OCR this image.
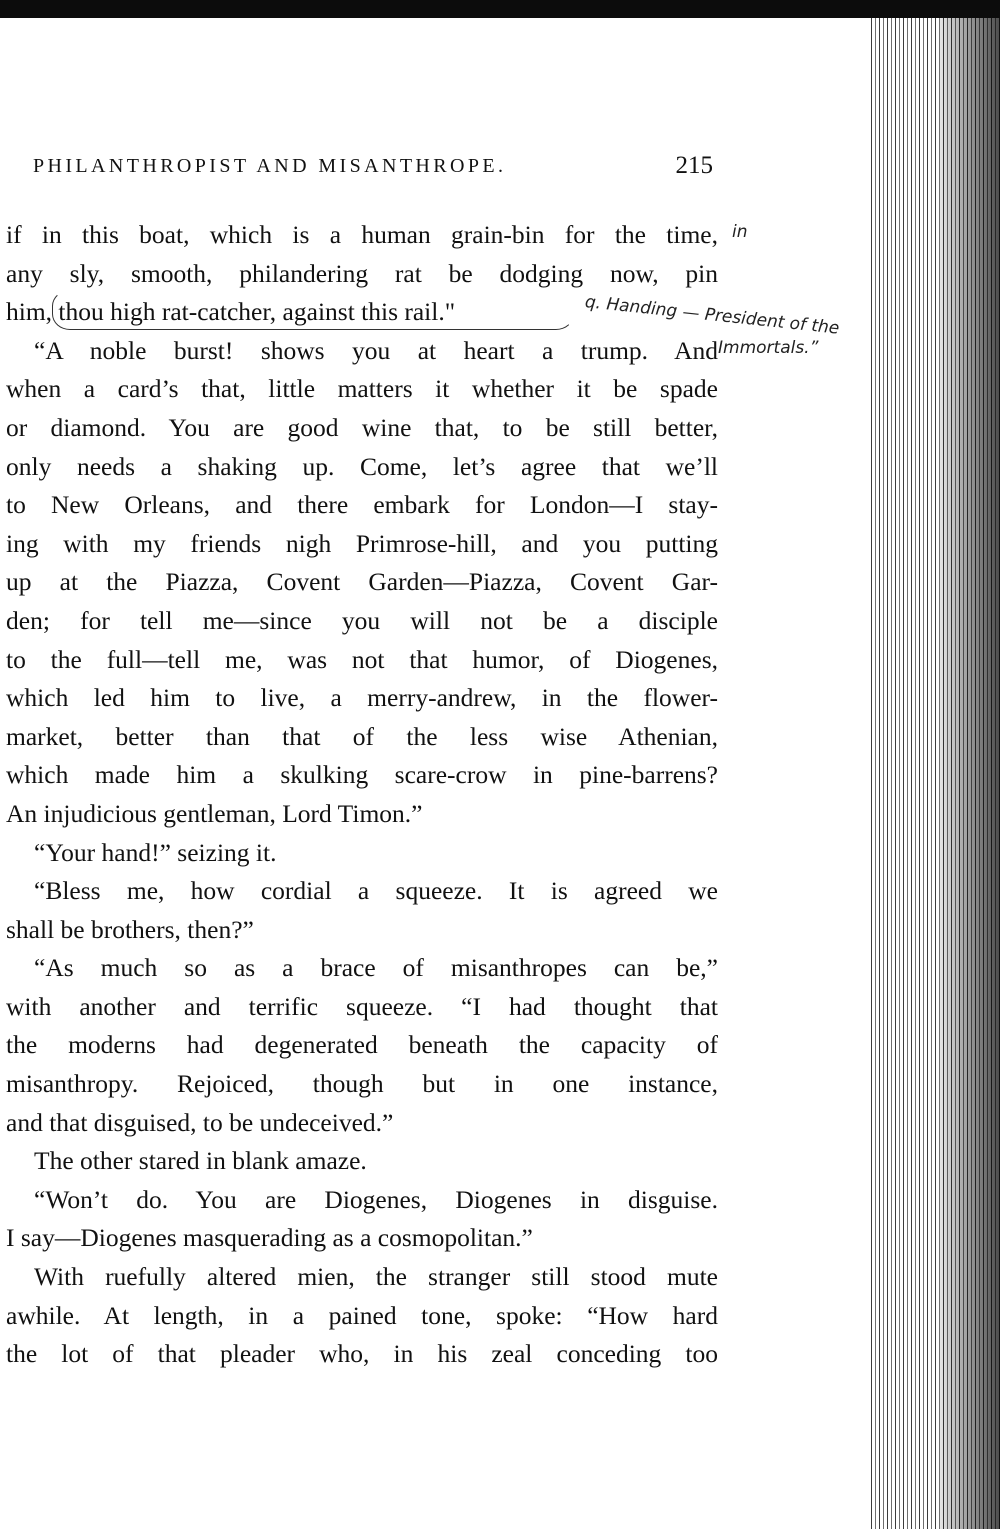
PHILANTHROPIST AND MISANTHROPE.	215
if in this boat, which is a human grain-bin for the time,
any sly, smooth, philandering rat be dodging now, pin
him, thou high rat-catcher, against this rail."
“A noble burst! shows you at heart a trump. And
when a card’s that, little matters it whether it be spade
or diamond. You are good wine that, to be still better,
only needs a shaking up. Come, let’s agree that we’ll
to New Orleans, and there embark for London—I stay-
ing with my friends nigh Primrose-hill, and you putting
up at the Piazza, Covent Garden—Piazza, Covent Gar-
den; for tell me—since you will not be a disciple
to the full—tell me, was not that humor, of Diogenes,
which led him to live, a merry-andrew, in the flower-
market, better than that of the less wise Athenian,
which made him a skulking scare-crow in pine-barrens?
An injudicious gentleman, Lord Timon.”
“Your hand!” seizing it.
“Bless me, how cordial a squeeze. It is agreed we
shall be brothers, then?”
“As much so as a brace of misanthropes can be,”
with another and terrific squeeze. “I had thought that
the moderns had degenerated beneath the capacity of
misanthropy. Rejoiced, though but in one instance,
and that disguised, to be undeceived.”
The other stared in blank amaze.
“Won’t do. You are Diogenes, Diogenes in disguise.
I say—Diogenes masquerading as a cosmopolitan.”
With ruefully altered mien, the stranger still stood mute
awhile. At length, in a pained tone, spoke: “How hard
the lot of that pleader who, in his zeal conceding too
in
q. Handing — President of the
Immortals.”
